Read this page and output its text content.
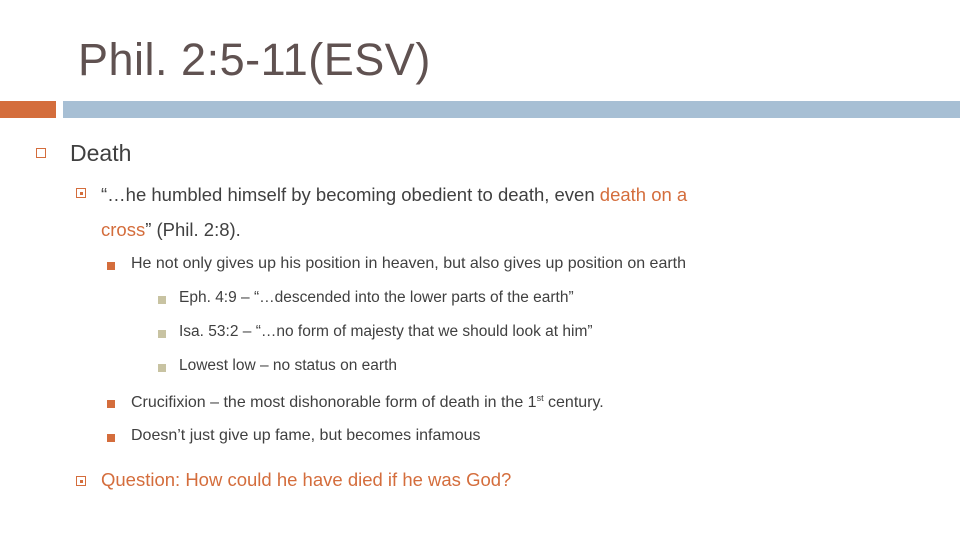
Phil. 2:5-11(ESV)
Death
“…he humbled himself by becoming obedient to death, even death on a
cross” (Phil. 2:8).
He not only gives up his position in heaven, but also gives up position on earth
Eph. 4:9 – “…descended into the lower parts of the earth”
Isa. 53:2 – “…no form of majesty that we should look at him”
Lowest low – no status on earth
Crucifixion – the most dishonorable form of death in the 1st century.
Doesn’t just give up fame, but becomes infamous
Question: How could he have died if he was God?
